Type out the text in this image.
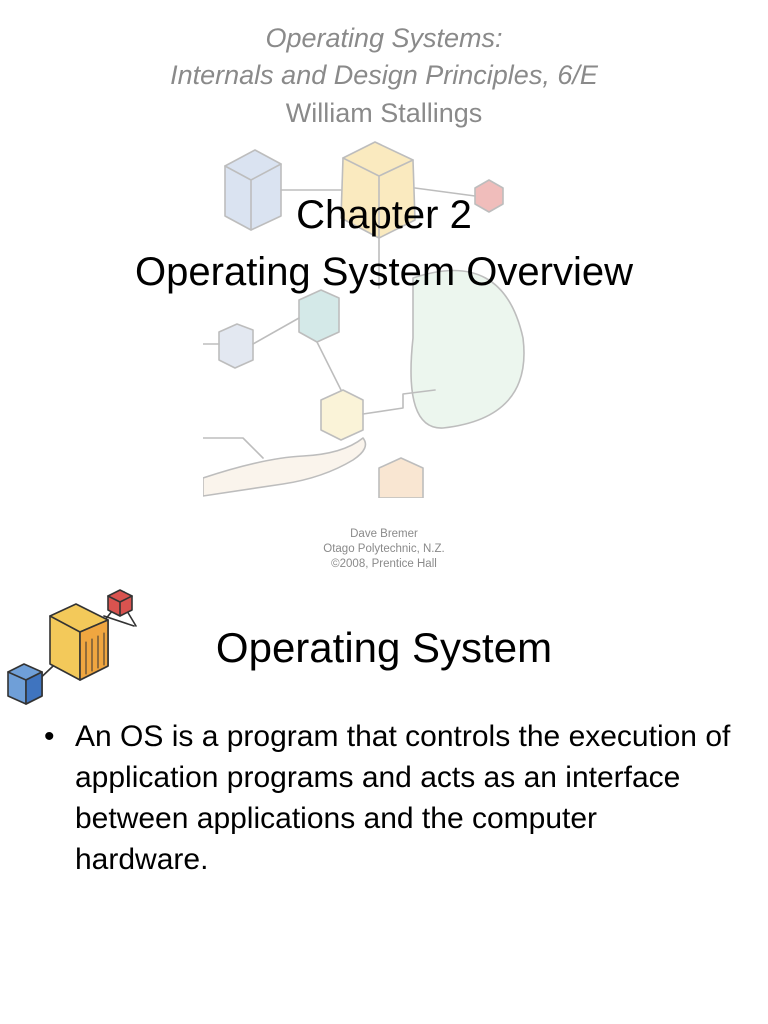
Operating Systems:
Internals and Design Principles, 6/E
William Stallings
Chapter 2
Operating System Overview
Dave Bremer
Otago Polytechnic, N.Z.
©2008, Prentice Hall
Operating System
• An OS is a program that controls the execution of application programs and acts as an interface between applications and the computer hardware.
